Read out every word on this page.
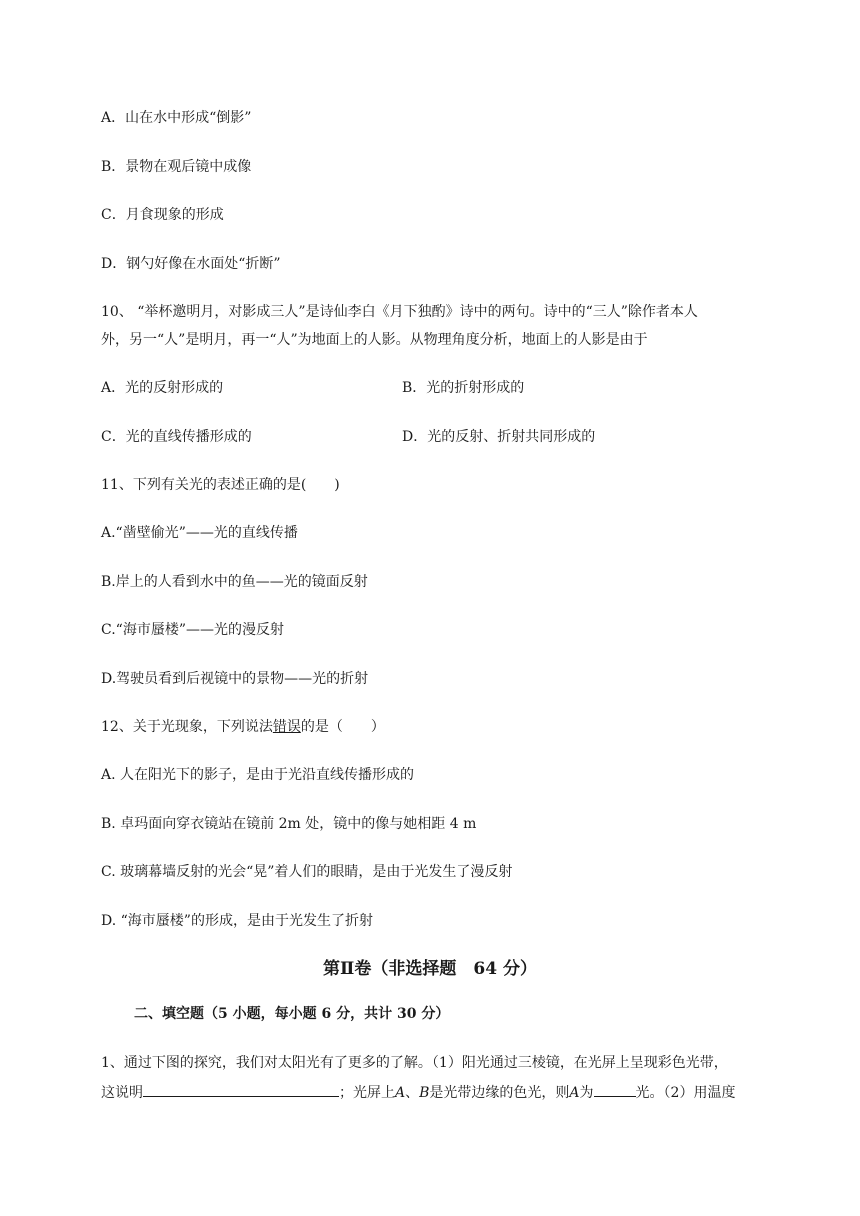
A．山在水中形成“倒影”
B．景物在观后镜中成像
C．月食现象的形成
D．钢勺好像在水面处“折断”
10、 “举杯邀明月，对影成三人”是诗仙李白《月下独酌》诗中的两句。诗中的“三人”除作者本人
外，另一“人”是明月，再一“人”为地面上的人影。从物理角度分析，地面上的人影是由于
A．光的反射形成的	B．光的折射形成的
C．光的直线传播形成的	D．光的反射、折射共同形成的
11、下列有关光的表述正确的是(　　)
A.“凿壁偷光”——光的直线传播
B.岸上的人看到水中的鱼——光的镜面反射
C.“海市蜃楼”——光的漫反射
D.驾驶员看到后视镜中的景物——光的折射
12、关于光现象，下列说法错误的是（　　）
A. 人在阳光下的影子，是由于光沿直线传播形成的
B. 卓玛面向穿衣镜站在镜前 2m 处，镜中的像与她相距 4 m
C. 玻璃幕墙反射的光会“晃”着人们的眼睛，是由于光发生了漫反射
D. “海市蜃楼”的形成，是由于光发生了折射
第Ⅱ卷（非选择题　64 分）
二、填空题（5 小题，每小题 6 分，共计 30 分）
1、通过下图的探究，我们对太阳光有了更多的了解。（1）阳光通过三棱镜，在光屏上呈现彩色光带，
这说明	；光屏上A、B是光带边缘的色光，则A为	光。（2）用温度
